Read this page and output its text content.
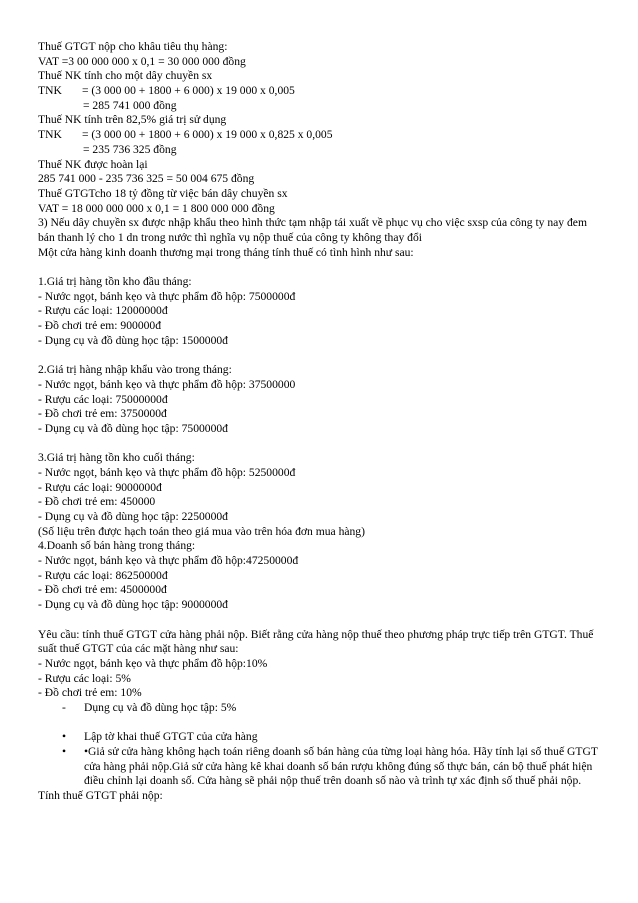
Thuế GTGT nộp cho khâu tiêu thụ hàng:
VAT =3 00 000 000 x 0,1 = 30 000 000 đồng
Thuế NK tính cho một dây chuyền sx
TNK	= (3 000 00 + 1800 + 6 000) x 19 000 x 0,005
= 285 741 000 đồng
Thuế NK tính trên 82,5% giá trị sử dụng
TNK	= (3 000 00 + 1800 + 6 000) x 19 000 x 0,825 x 0,005
= 235 736 325 đồng
Thuế NK được hoàn lại
285 741 000 - 235 736 325 = 50 004 675 đồng
Thuế GTGTcho 18 tỷ đồng từ việc bán dây chuyền sx
VAT = 18 000 000 000 x 0,1 = 1 800 000 000 đồng
3) Nếu dây chuyền sx được nhập khẩu theo hình thức tạm nhập tái xuất về phục vụ cho việc sxsp của công ty nay đem bán thanh lý cho 1 dn trong nước thì nghĩa vụ nộp thuế của công ty không thay đổi
Một cửa hàng kinh doanh thương mại trong tháng tính thuế có tình hình như sau:
1.Giá trị hàng tồn kho đầu tháng:
- Nước ngọt, bánh kẹo và thực phẩm đồ hộp: 7500000đ
- Rượu các loại: 12000000đ
- Đồ chơi trẻ em: 900000đ
- Dụng cụ và đồ dùng học tập: 1500000đ
2.Giá trị hàng nhập khẩu vào trong tháng:
- Nước ngọt, bánh kẹo và thực phẩm đồ hộp: 37500000
- Rượu các loại: 75000000đ
- Đồ chơi trẻ em: 3750000đ
- Dụng cụ và đồ dùng học tập: 7500000đ
3.Giá trị hàng tồn kho cuối tháng:
- Nước ngọt, bánh kẹo và thực phẩm đồ hộp: 5250000đ
- Rượu các loại: 9000000đ
- Đồ chơi trẻ em: 450000
- Dụng cụ và đồ dùng học tập: 2250000đ
(Số liệu trên được hạch toán theo giá mua vào trên hóa đơn mua hàng)
4.Doanh số bán hàng trong tháng:
- Nước ngọt, bánh kẹo và thực phẩm đồ hộp:47250000đ
- Rượu các loại: 86250000đ
- Đồ chơi trẻ em: 4500000đ
- Dụng cụ và đồ dùng học tập: 9000000đ
Yêu cầu: tính thuế GTGT cửa hàng phải nộp. Biết rằng cửa hàng nộp thuế theo phương pháp trực tiếp trên GTGT. Thuế suất thuế GTGT của các mặt hàng như sau:
- Nước ngọt, bánh kẹo và thực phẩm đồ hộp:10%
- Rượu các loại: 5%
- Đồ chơi trẻ em: 10%
-	Dụng cụ và đồ dùng học tập: 5%
•	Lập tờ khai thuế GTGT của cửa hàng
•	•Giả sử cửa hàng không hạch toán riêng doanh số bán hàng của từng loại hàng hóa. Hãy tính lại số thuế GTGT cửa hàng phải nộp.Giả sử cửa hàng kê khai doanh số bán rượu không đúng số thực bán, cán bộ thuế phát hiện điều chỉnh lại doanh số. Cửa hàng sẽ phải nộp thuế trên doanh số nào và trình tự xác định số thuế phải nộp.
Tính thuế GTGT phải nộp:
